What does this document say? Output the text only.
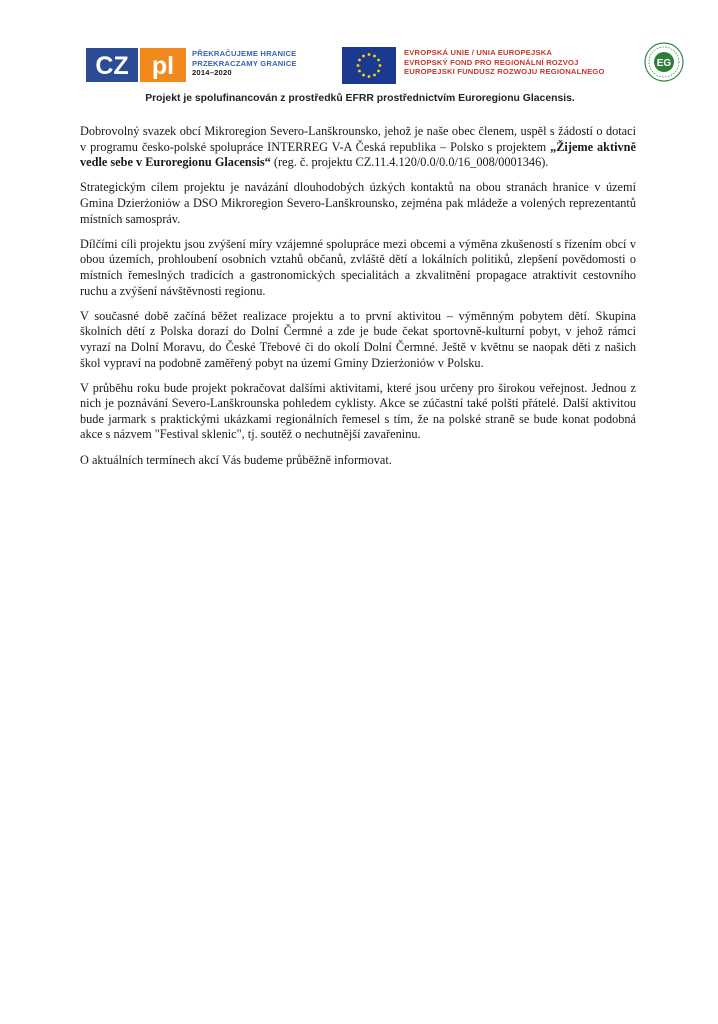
CZ pl PŘEKRAČUJEME HRANICE
PRZEKRACZAMY GRANICE
2014–2020
EVROPSKÁ UNIE / UNIA EUROPEJSKA
EVROPSKÝ FOND PRO REGIONÁLNÍ ROZVOJ
EUROPEJSKI FUNDUSZ ROZWOJU REGIONALNEGO
EG
Projekt je spolufinancován z prostředků EFRR prostřednictvím Euroregionu Glacensis.

Dobrovolný svazek obcí Mikroregion Severo-Lanškrounsko, jehož je naše obec členem, uspěl s žádostí o dotaci v programu česko-polské spolupráce INTERREG V-A Česká republika – Polsko s projektem „Žijeme aktivně vedle sebe v Euroregionu Glacensis“ (reg. č. projektu CZ.11.4.120/0.0/0.0/16_008/0001346).

Strategickým cílem projektu je navázání dlouhodobých úzkých kontaktů na obou stranách hranice v území Gmina Dzierżoniów a DSO Mikroregion Severo-Lanškrounsko, zejména pak mládeže a volených reprezentantů místních samospráv.

Dílčími cíli projektu jsou zvýšení míry vzájemné spolupráce mezi obcemi a výměna zkušeností s řízením obcí v obou územích, prohloubení osobních vztahů občanů, zvláště dětí a lokálních politiků, zlepšení povědomosti o místních řemeslných tradicích a gastronomických specialitách a zkvalitnění propagace atraktivit cestovního ruchu a zvýšení návštěvnosti regionu.

V současné době začíná běžet realizace projektu a to první aktivitou – výměnným pobytem dětí. Skupina školních dětí z Polska dorazí do Dolní Čermné a zde je bude čekat sportovně-kulturní pobyt, v jehož rámci vyrazí na Dolní Moravu, do České Třebové či do okolí Dolní Čermné. Ještě v květnu se naopak děti z našich škol vypraví na podobně zaměřený pobyt na území Gminy Dzierżoniów v Polsku.

V průběhu roku bude projekt pokračovat dalšími aktivitami, které jsou určeny pro širokou veřejnost. Jednou z nich je poznávání Severo-Lanškrounska pohledem cyklisty. Akce se zúčastní také polští přátelé. Další aktivitou bude jarmark s praktickými ukázkami regionálních řemesel s tím, že na polské straně se bude konat podobná akce s názvem "Festival sklenic", tj. soutěž o nechutnější zavařeninu.

O aktuálních termínech akcí Vás budeme průběžně informovat.
